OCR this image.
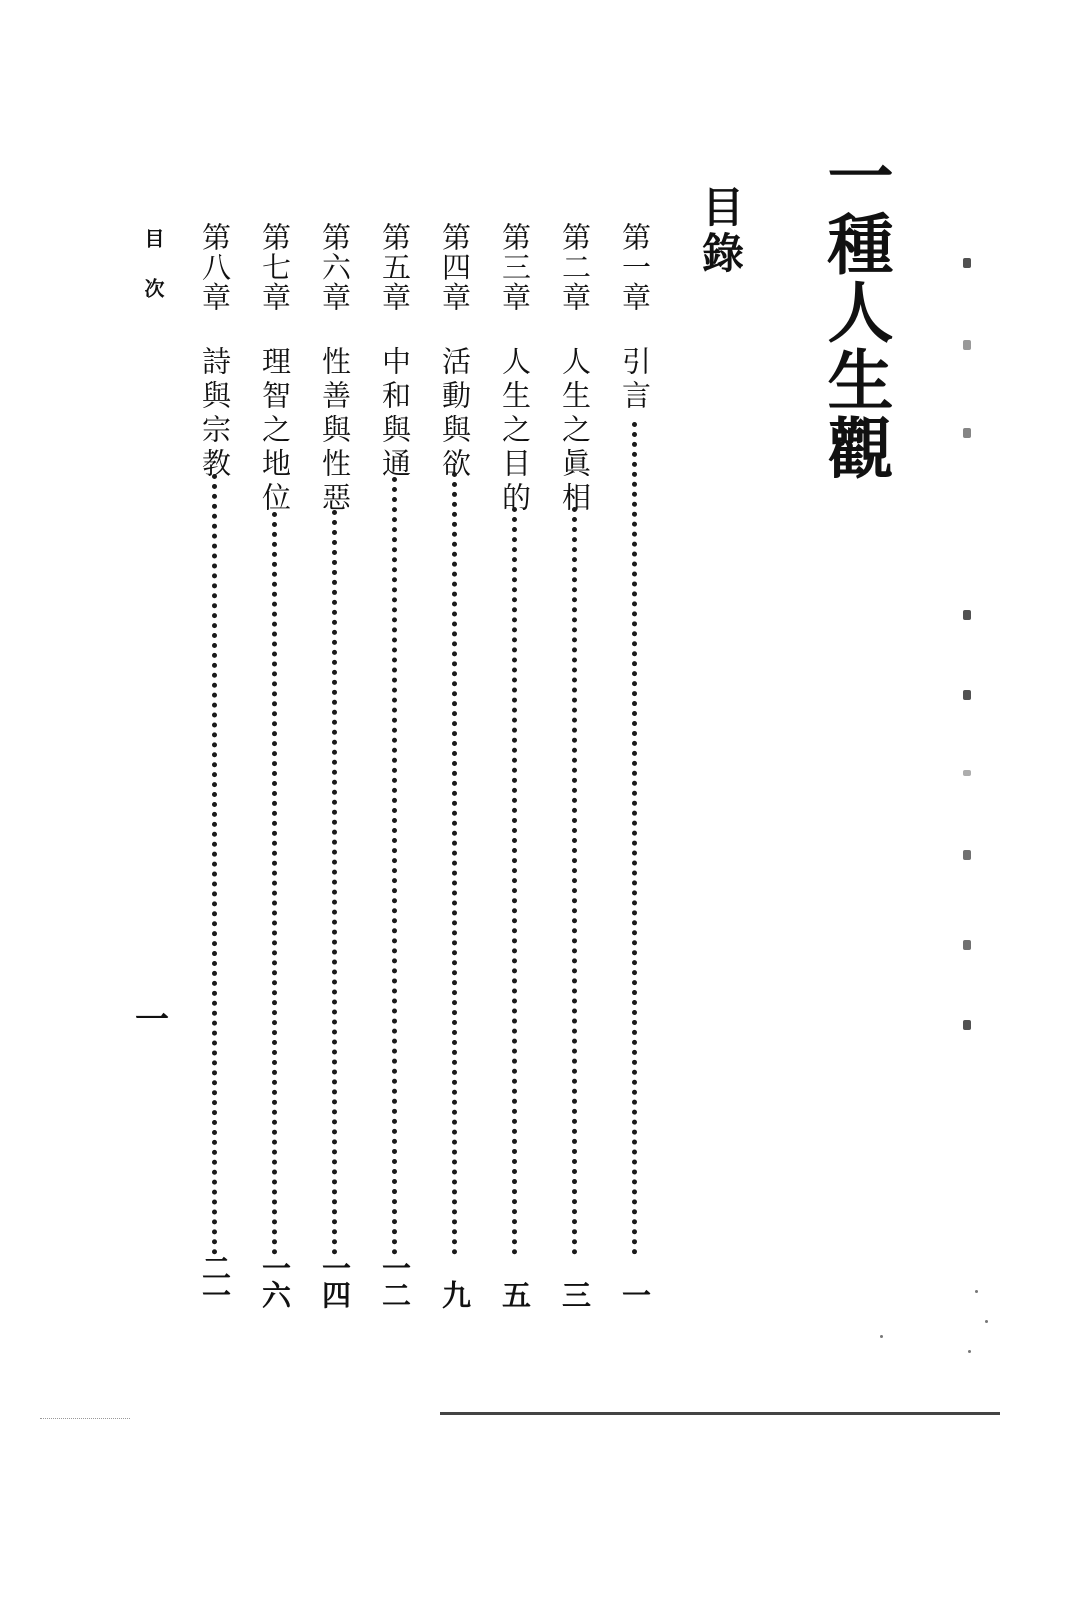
一種人生觀
目錄
第一章
引言
一
第二章
人生之眞相
三
第三章
人生之目的
五
第四章
活動與欲
九
第五章
中和與通
一二
第六章
性善與性惡
一四
第七章
理智之地位
一六
第八章
詩與宗教
二一
目次
一
